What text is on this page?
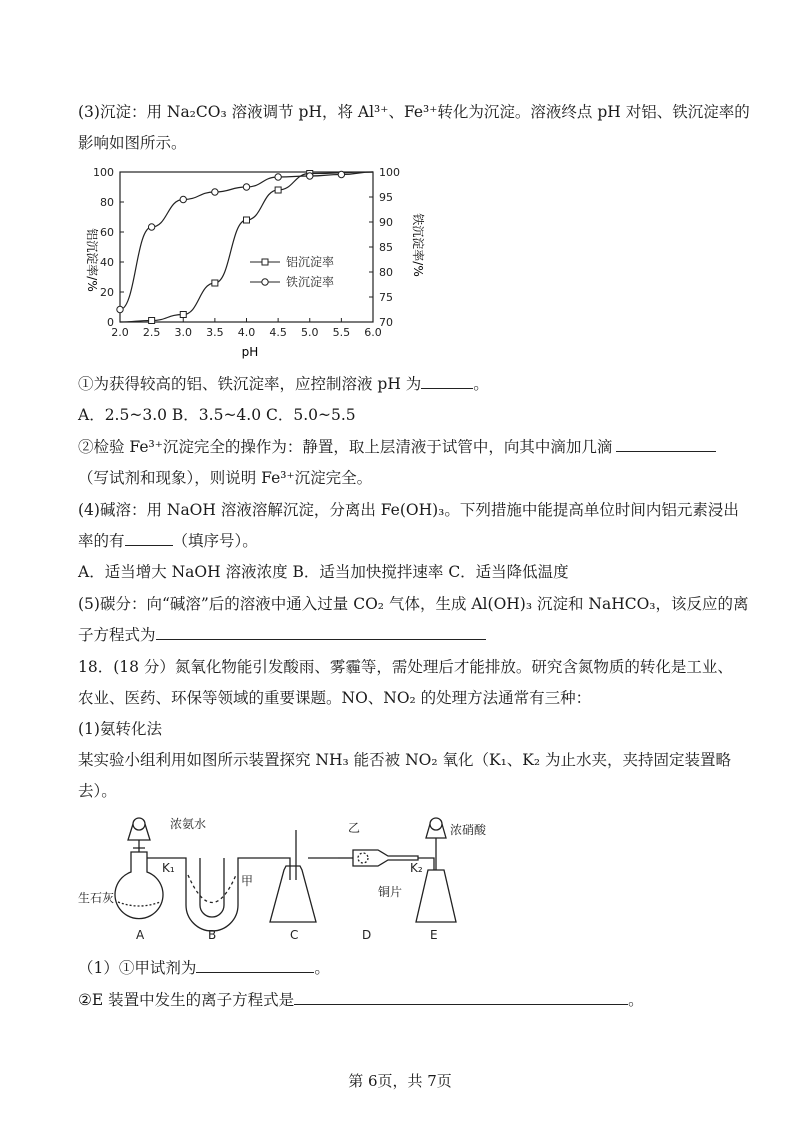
(3)沉淀：用 Na₂CO₃ 溶液调节 pH，将 Al³⁺、Fe³⁺转化为沉淀。溶液终点 pH 对铝、铁沉淀率的
影响如图所示。
2.0 2.5 3.0 3.5 4.0 4.5 5.0 5.5 6.0
0
20
40
60
80
100
70
75
80
85
90
95
100
铝沉淀率
铁沉淀率
铝沉淀率/%	铁沉淀率/%
pH
①为获得较高的铝、铁沉淀率，应控制溶液 pH 为	。
A．2.5~3.0 B．3.5~4.0 C．5.0~5.5
②检验 Fe³⁺沉淀完全的操作为：静置，取上层清液于试管中，向其中滴加几滴
（写试剂和现象），则说明 Fe³⁺沉淀完全。
(4)碱溶：用 NaOH 溶液溶解沉淀，分离出 Fe(OH)₃。下列措施中能提高单位时间内铝元素浸出
率的有	（填序号）。
A．适当增大 NaOH 溶液浓度 B．适当加快搅拌速率 C．适当降低温度
(5)碳分：向“碱溶”后的溶液中通入过量 CO₂ 气体，生成 Al(OH)₃ 沉淀和 NaHCO₃，该反应的离
子方程式为
18．(18 分）氮氧化物能引发酸雨、雾霾等，需处理后才能排放。研究含氮物质的转化是工业、
农业、医药、环保等领域的重要课题。NO、NO₂ 的处理方法通常有三种：
(1)氨转化法
某实验小组利用如图所示装置探究 NH₃ 能否被 NO₂ 氧化（K₁、K₂ 为止水夹，夹持固定装置略
去）。
浓氨水
K₁
生石灰
甲
乙	浓硝酸
K₂
铜片
A	B	C	D	E
（1）①甲试剂为	。
②E 装置中发生的离子方程式是	。
第 6页，共 7页
